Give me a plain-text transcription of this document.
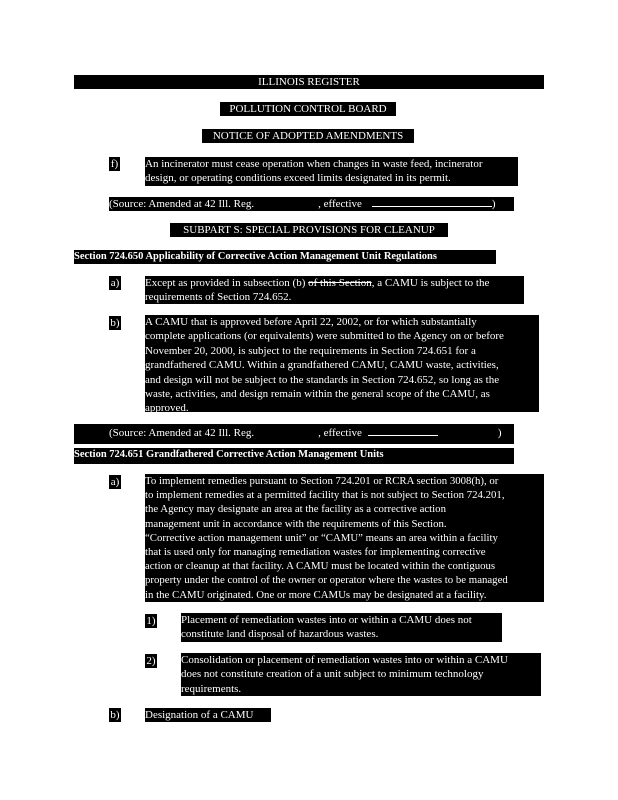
ILLINOIS REGISTER
POLLUTION CONTROL BOARD
NOTICE OF ADOPTED AMENDMENTS
f) An incinerator must cease operation when changes in waste feed, incinerator
design, or operating conditions exceed limits designated in its permit.
(Source: Amended at 42 Ill. Reg.	, effective	)
SUBPART S: SPECIAL PROVISIONS FOR CLEANUP
Section 724.650 Applicability of Corrective Action Management Unit Regulations
a) Except as provided in subsection (b) of this Section, a CAMU is subject to the
requirements of Section 724.652.
b) A CAMU that is approved before April 22, 2002, or for which substantially
complete applications (or equivalents) were submitted to the Agency on or before
November 20, 2000, is subject to the requirements in Section 724.651 for a
grandfathered CAMU. Within a grandfathered CAMU, CAMU waste, activities,
and design will not be subject to the standards in Section 724.652, so long as the
waste, activities, and design remain within the general scope of the CAMU, as
approved.
(Source: Amended at 42 Ill. Reg.	, effective	)
Section 724.651 Grandfathered Corrective Action Management Units
a) To implement remedies pursuant to Section 724.201 or RCRA section 3008(h), or
to implement remedies at a permitted facility that is not subject to Section 724.201,
the Agency may designate an area at the facility as a corrective action
management unit in accordance with the requirements of this Section.
“Corrective action management unit” or “CAMU” means an area within a facility
that is used only for managing remediation wastes for implementing corrective
action or cleanup at that facility. A CAMU must be located within the contiguous
property under the control of the owner or operator where the wastes to be managed
in the CAMU originated. One or more CAMUs may be designated at a facility.
1) Placement of remediation wastes into or within a CAMU does not
constitute land disposal of hazardous wastes.
2) Consolidation or placement of remediation wastes into or within a CAMU
does not constitute creation of a unit subject to minimum technology
requirements.
b) Designation of a CAMU
